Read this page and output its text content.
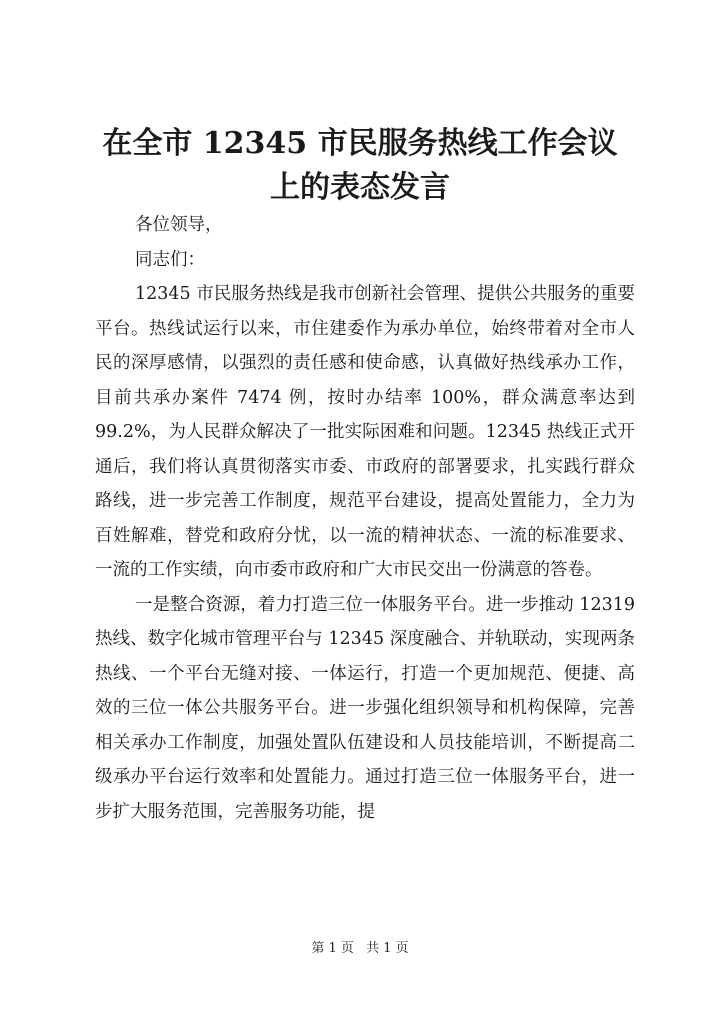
在全市 12345 市民服务热线工作会议上的表态发言

各位领导，

同志们：

12345 市民服务热线是我市创新社会管理、提供公共服务的重要平台。热线试运行以来，市住建委作为承办单位，始终带着对全市人民的深厚感情，以强烈的责任感和使命感，认真做好热线承办工作，目前共承办案件 7474 例，按时办结率 100%，群众满意率达到 99.2%，为人民群众解决了一批实际困难和问题。12345 热线正式开通后，我们将认真贯彻落实市委、市政府的部署要求，扎实践行群众路线，进一步完善工作制度，规范平台建设，提高处置能力，全力为百姓解难，替党和政府分忧，以一流的精神状态、一流的标准要求、一流的工作实绩，向市委市政府和广大市民交出一份满意的答卷。

一是整合资源，着力打造三位一体服务平台。进一步推动 12319 热线、数字化城市管理平台与 12345 深度融合、并轨联动，实现两条热线、一个平台无缝对接、一体运行，打造一个更加规范、便捷、高效的三位一体公共服务平台。进一步强化组织领导和机构保障，完善相关承办工作制度，加强处置队伍建设和人员技能培训，不断提高二级承办平台运行效率和处置能力。通过打造三位一体服务平台，进一步扩大服务范围，完善服务功能，提

第 1 页 共 1 页
